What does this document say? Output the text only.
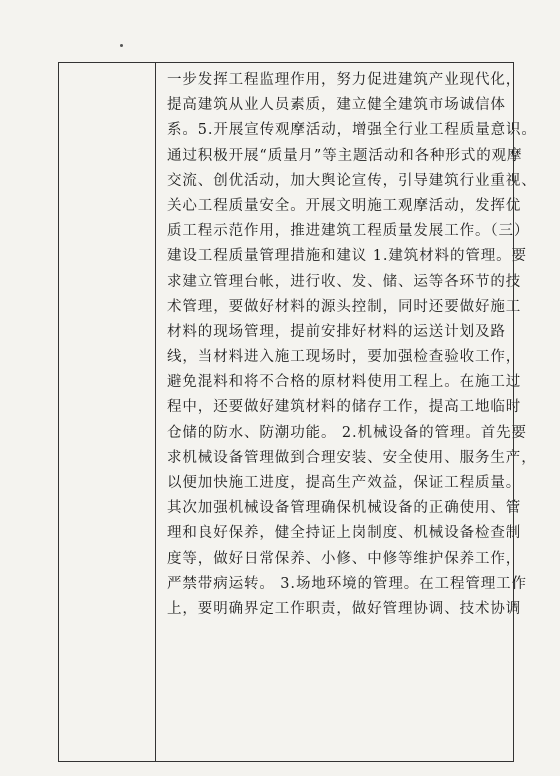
一步发挥工程监理作用，努力促进建筑产业现代化，

提高建筑从业人员素质，建立健全建筑市场诚信体

系。5.开展宣传观摩活动，增强全行业工程质量意识。

通过积极开展“质量月”等主题活动和各种形式的观摩

交流、创优活动，加大舆论宣传，引导建筑行业重视、

关心工程质量安全。开展文明施工观摩活动，发挥优

质工程示范作用，推进建筑工程质量发展工作。（三）

建设工程质量管理措施和建议 1.建筑材料的管理。要

求建立管理台帐，进行收、发、储、运等各环节的技

术管理，要做好材料的源头控制，同时还要做好施工

材料的现场管理，提前安排好材料的运送计划及路

线，当材料进入施工现场时，要加强检查验收工作，

避免混料和将不合格的原材料使用工程上。在施工过

程中，还要做好建筑材料的储存工作，提高工地临时

仓储的防水、防潮功能。 2.机械设备的管理。首先要

求机械设备管理做到合理安装、安全使用、服务生产，

以便加快施工进度，提高生产效益，保证工程质量。

其次加强机械设备管理确保机械设备的正确使用、管

理和良好保养，健全持证上岗制度、机械设备检查制

度等，做好日常保养、小修、中修等维护保养工作，

严禁带病运转。 3.场地环境的管理。在工程管理工作

上，要明确界定工作职责，做好管理协调、技术协调
